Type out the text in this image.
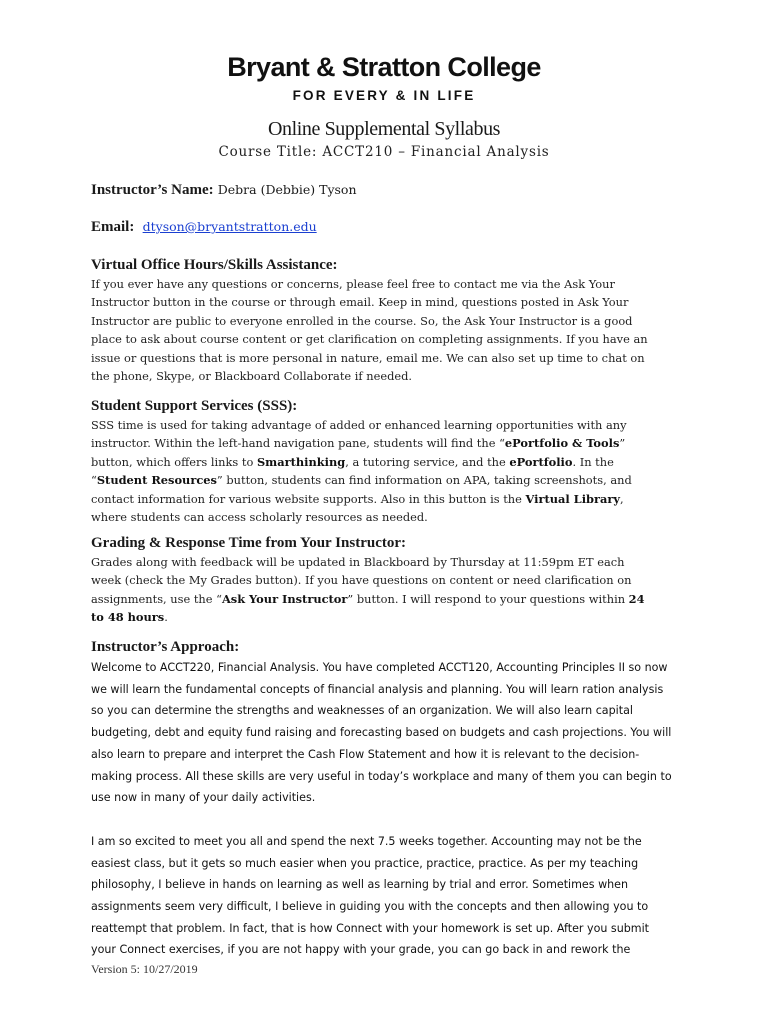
Bryant & Stratton College
FOR EVERY & IN LIFE
Online Supplemental Syllabus
Course Title: ACCT210 – Financial Analysis
Instructor’s Name: Debra (Debbie) Tyson
Email: dtyson@bryantstratton.edu

Virtual Office Hours/Skills Assistance:

If you ever have any questions or concerns, please feel free to contact me via the Ask Your

Instructor button in the course or through email. Keep in mind, questions posted in Ask Your

Instructor are public to everyone enrolled in the course. So, the Ask Your Instructor is a good

place to ask about course content or get clarification on completing assignments. If you have an

issue or questions that is more personal in nature, email me. We can also set up time to chat on

the phone, Skype, or Blackboard Collaborate if needed.

Student Support Services (SSS):

SSS time is used for taking advantage of added or enhanced learning opportunities with any

instructor. Within the left-hand navigation pane, students will find the “ePortfolio & Tools”

button, which offers links to Smarthinking, a tutoring service, and the ePortfolio. In the

“Student Resources” button, students can find information on APA, taking screenshots, and

contact information for various website supports. Also in this button is the Virtual Library,

where students can access scholarly resources as needed.

Grading & Response Time from Your Instructor:

Grades along with feedback will be updated in Blackboard by Thursday at 11:59pm ET each

week (check the My Grades button). If you have questions on content or need clarification on

assignments, use the “Ask Your Instructor” button. I will respond to your questions within 24

to 48 hours.

Instructor’s Approach:

Welcome to ACCT220, Financial Analysis. You have completed ACCT120, Accounting Principles II so now

we will learn the fundamental concepts of financial analysis and planning. You will learn ration analysis

so you can determine the strengths and weaknesses of an organization. We will also learn capital

budgeting, debt and equity fund raising and forecasting based on budgets and cash projections. You will

also learn to prepare and interpret the Cash Flow Statement and how it is relevant to the decision-

making process. All these skills are very useful in today’s workplace and many of them you can begin to

use now in many of your daily activities.

I am so excited to meet you all and spend the next 7.5 weeks together. Accounting may not be the

easiest class, but it gets so much easier when you practice, practice, practice. As per my teaching

philosophy, I believe in hands on learning as well as learning by trial and error. Sometimes when

assignments seem very difficult, I believe in guiding you with the concepts and then allowing you to

reattempt that problem. In fact, that is how Connect with your homework is set up. After you submit

your Connect exercises, if you are not happy with your grade, you can go back in and rework the

Version 5: 10/27/2019
